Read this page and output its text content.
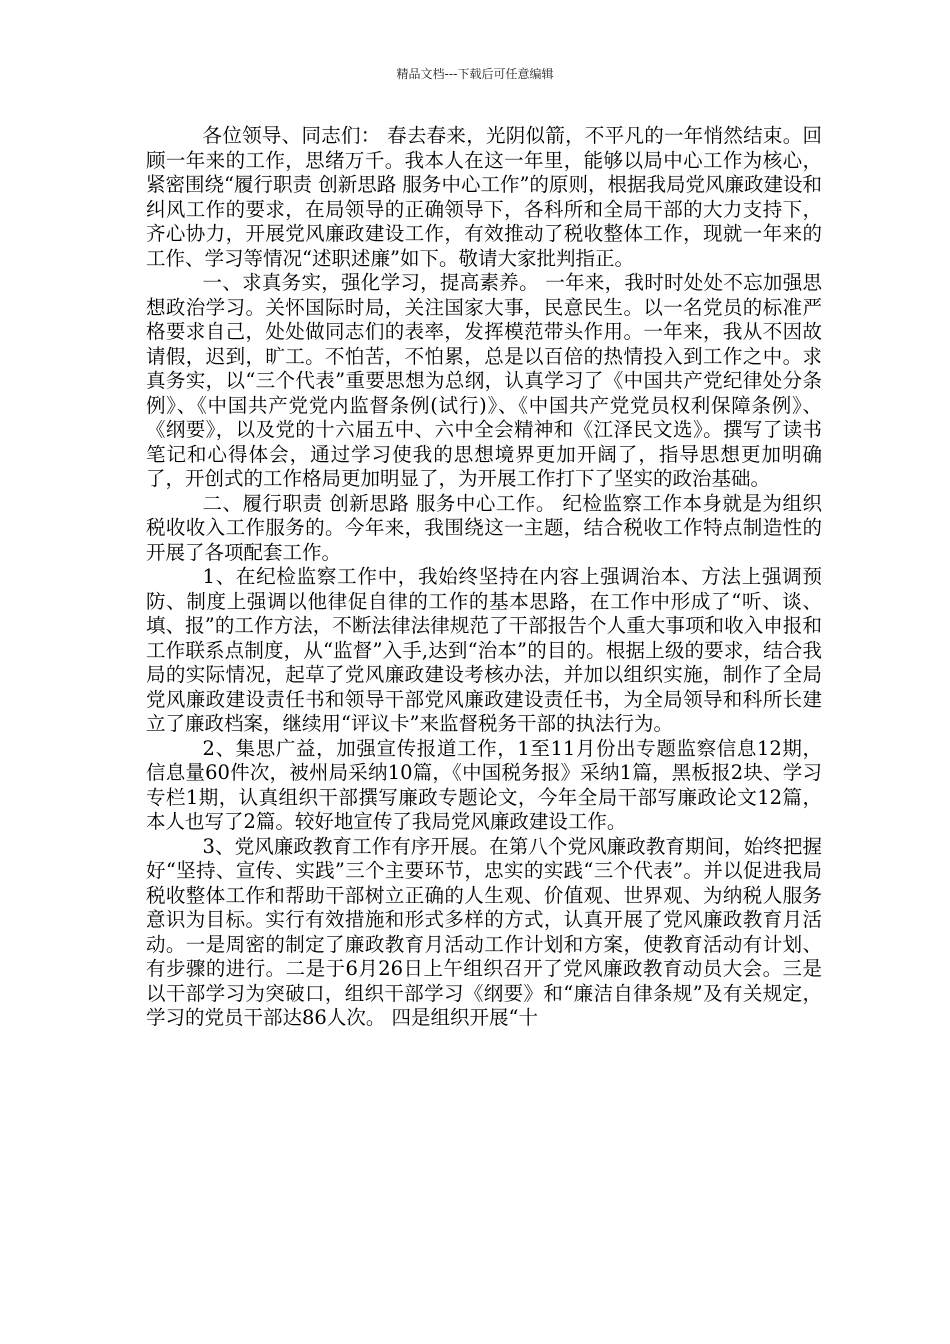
精品文档---下载后可任意编辑

各位领导、同志们： 春去春来，光阴似箭，不平凡的一年悄然结束。回顾一年来的工作，思绪万千。我本人在这一年里，能够以局中心工作为核心，紧密围绕“履行职责 创新思路 服务中心工作”的原则，根据我局党风廉政建设和纠风工作的要求，在局领导的正确领导下，各科所和全局干部的大力支持下，齐心协力，开展党风廉政建设工作，有效推动了税收整体工作，现就一年来的工作、学习等情况“述职述廉”如下。敬请大家批判指正。

一、求真务实，强化学习，提高素养。 一年来，我时时处处不忘加强思想政治学习。关怀国际时局，关注国家大事，民意民生。以一名党员的标准严格要求自己，处处做同志们的表率，发挥模范带头作用。一年来，我从不因故请假，迟到，旷工。不怕苦，不怕累，总是以百倍的热情投入到工作之中。求真务实，以“三个代表”重要思想为总纲，认真学习了《中国共产党纪律处分条例》、《中国共产党党内监督条例(试行)》、《中国共产党党员权利保障条例》、《纲要》，以及党的十六届五中、六中全会精神和《江泽民文选》。撰写了读书笔记和心得体会，通过学习使我的思想境界更加开阔了，指导思想更加明确了，开创式的工作格局更加明显了，为开展工作打下了坚实的政治基础。

二、履行职责 创新思路 服务中心工作。 纪检监察工作本身就是为组织税收收入工作服务的。今年来，我围绕这一主题，结合税收工作特点制造性的开展了各项配套工作。

1、在纪检监察工作中，我始终坚持在内容上强调治本、方法上强调预防、制度上强调以他律促自律的工作的基本思路，在工作中形成了“听、谈、填、报”的工作方法，不断法律法律规范了干部报告个人重大事项和收入申报和工作联系点制度，从“监督”入手,达到“治本”的目的。根据上级的要求，结合我局的实际情况，起草了党风廉政建设考核办法，并加以组织实施，制作了全局党风廉政建设责任书和领导干部党风廉政建设责任书，为全局领导和科所长建立了廉政档案，继续用“评议卡”来监督税务干部的执法行为。

2、集思广益，加强宣传报道工作，1至11月份出专题监察信息12期，信息量60件次，被州局采纳10篇，《中国税务报》采纳1篇，黑板报2块、学习专栏1期，认真组织干部撰写廉政专题论文，今年全局干部写廉政论文12篇，本人也写了2篇。较好地宣传了我局党风廉政建设工作。

3、党风廉政教育工作有序开展。在第八个党风廉政教育期间，始终把握好“坚持、宣传、实践”三个主要环节，忠实的实践“三个代表”。并以促进我局税收整体工作和帮助干部树立正确的人生观、价值观、世界观、为纳税人服务意识为目标。实行有效措施和形式多样的方式，认真开展了党风廉政教育月活动。一是周密的制定了廉政教育月活动工作计划和方案，使教育活动有计划、有步骤的进行。二是于6月26日上午组织召开了党风廉政教育动员大会。三是以干部学习为突破口，组织干部学习《纲要》和“廉洁自律条规”及有关规定，学习的党员干部达86人次。 四是组织开展“十
